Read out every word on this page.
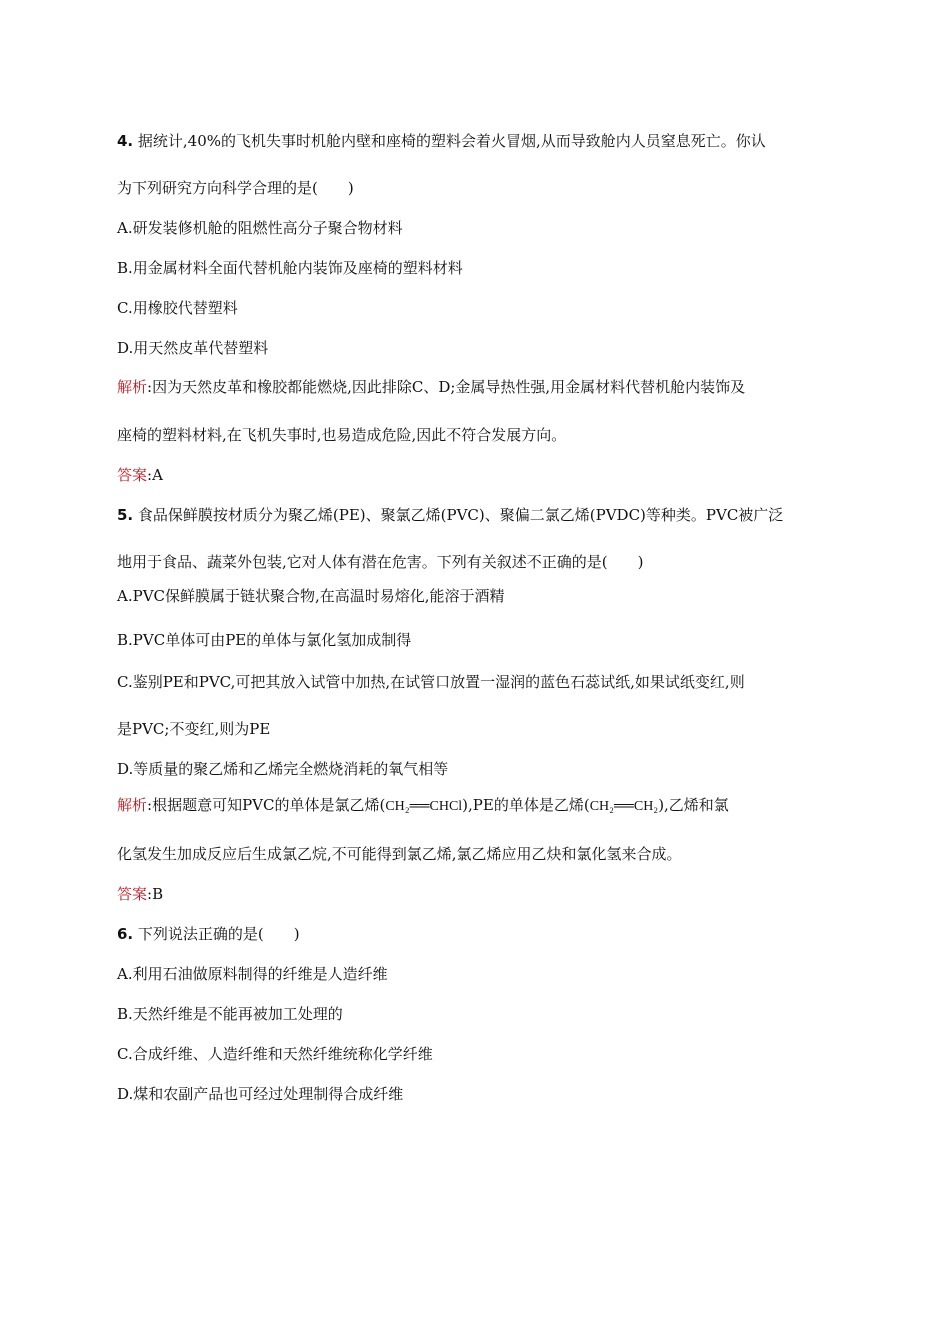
4. 据统计,40%的飞机失事时机舱内壁和座椅的塑料会着火冒烟,从而导致舱内人员窒息死亡。你认
为下列研究方向科学合理的是(　　)
A.研发装修机舱的阻燃性高分子聚合物材料
B.用金属材料全面代替机舱内装饰及座椅的塑料材料
C.用橡胶代替塑料
D.用天然皮革代替塑料
解析:因为天然皮革和橡胶都能燃烧,因此排除C、D;金属导热性强,用金属材料代替机舱内装饰及
座椅的塑料材料,在飞机失事时,也易造成危险,因此不符合发展方向。
答案:A
5. 食品保鲜膜按材质分为聚乙烯(PE)、聚氯乙烯(PVC)、聚偏二氯乙烯(PVDC)等种类。PVC被广泛
地用于食品、蔬菜外包装,它对人体有潜在危害。下列有关叙述不正确的是(　　)
A.PVC保鲜膜属于链状聚合物,在高温时易熔化,能溶于酒精
B.PVC单体可由PE的单体与氯化氢加成制得
C.鉴别PE和PVC,可把其放入试管中加热,在试管口放置一湿润的蓝色石蕊试纸,如果试纸变红,则
是PVC;不变红,则为PE
D.等质量的聚乙烯和乙烯完全燃烧消耗的氧气相等
解析:根据题意可知PVC的单体是氯乙烯(CH₂══CHCl),PE的单体是乙烯(CH₂══CH₂),乙烯和氯
化氢发生加成反应后生成氯乙烷,不可能得到氯乙烯,氯乙烯应用乙炔和氯化氢来合成。
答案:B
6. 下列说法正确的是(　　)
A.利用石油做原料制得的纤维是人造纤维
B.天然纤维是不能再被加工处理的
C.合成纤维、人造纤维和天然纤维统称化学纤维
D.煤和农副产品也可经过处理制得合成纤维
